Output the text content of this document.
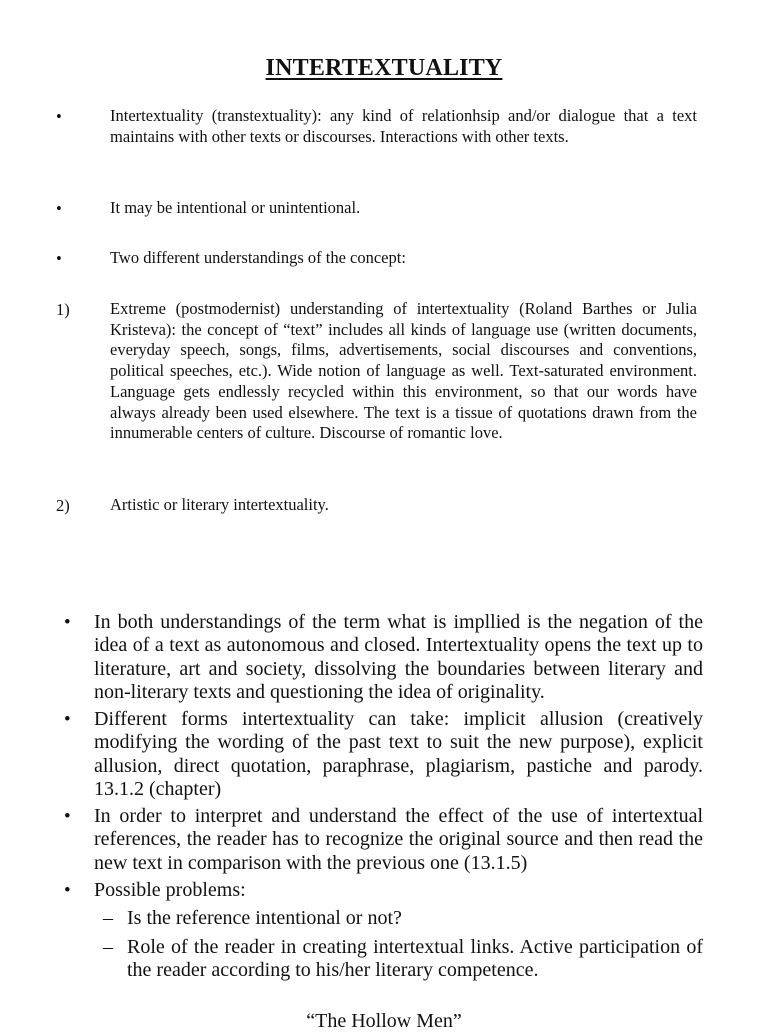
INTERTEXTUALITY
•	Intertextuality (transtextuality): any kind of relationhsip and/or dialogue that a text maintains with other texts or discourses. Interactions with other texts.
•	It may be intentional or unintentional.
•	Two different understandings of the concept:
1) Extreme (postmodernist) understanding of intertextuality (Roland Barthes or Julia Kristeva): the concept of “text” includes all kinds of language use (written documents, everyday speech, songs, films, advertisements, social discourses and conventions, political speeches, etc.). Wide notion of language as well. Text-saturated environment. Language gets endlessly recycled within this environment, so that our words have always already been used elsewhere. The text is a tissue of quotations drawn from the innumerable centers of culture. Discourse of romantic love.
2) Artistic or literary intertextuality.
• In both understandings of the term what is impllied is the negation of the idea of a text as autonomous and closed. Intertextuality opens the text up to literature, art and society, dissolving the boundaries between literary and non-literary texts and questioning the idea of originality.
• Different forms intertextuality can take: implicit allusion (creatively modifying the wording of the past text to suit the new purpose), explicit allusion, direct quotation, paraphrase, plagiarism, pastiche and parody. 13.1.2 (chapter)
• In order to interpret and understand the effect of the use of intertextual references, the reader has to recognize the original source and then read the new text in comparison with the previous one (13.1.5)
• Possible problems:
– Is the reference intentional or not?
– Role of the reader in creating intertextual links. Active participation of the reader according to his/her literary competence.
“The Hollow Men”
